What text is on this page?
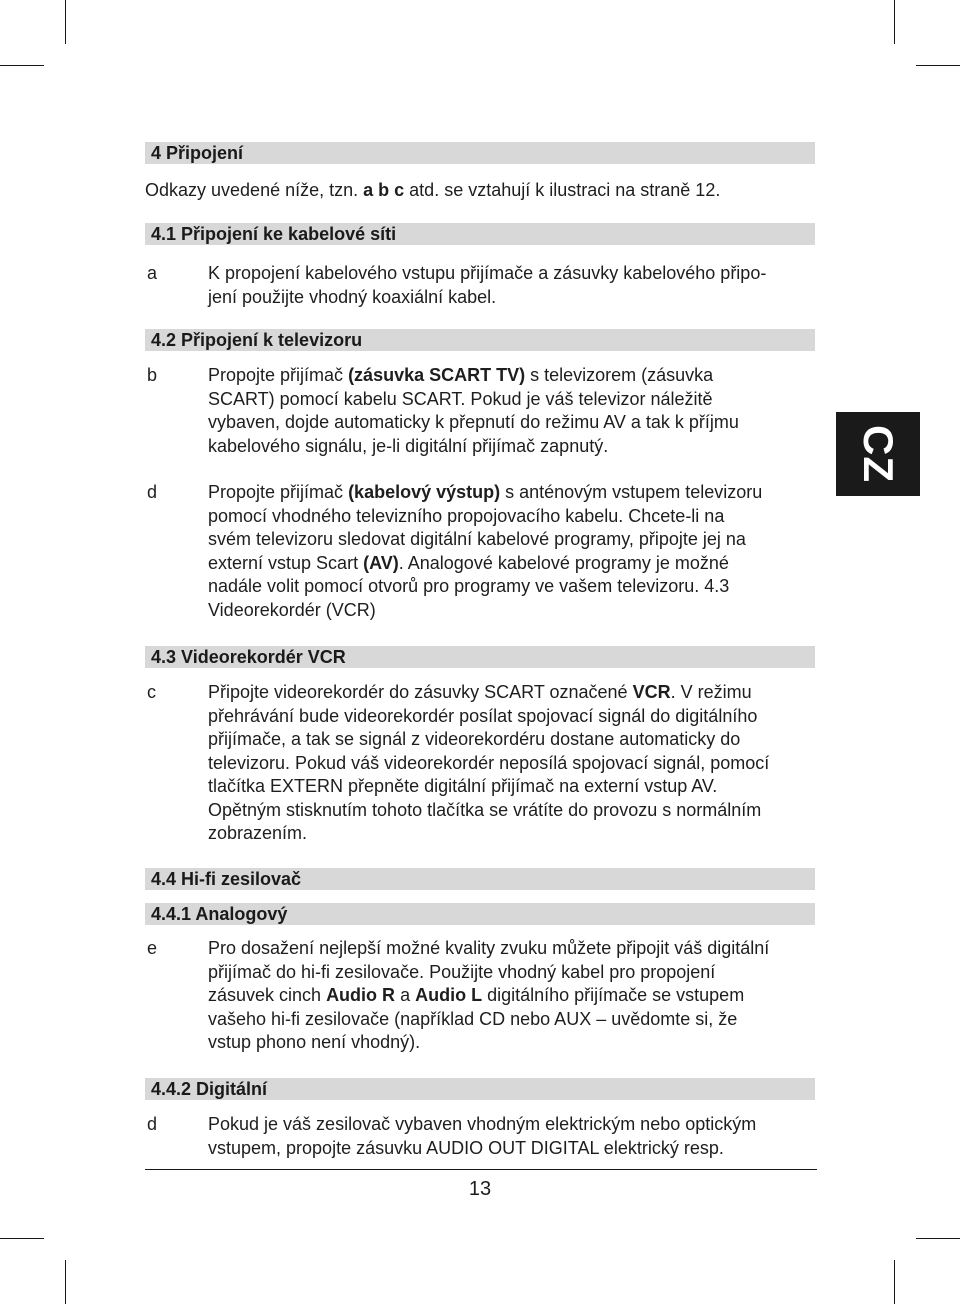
4 Připojení
Odkazy uvedené níže, tzn. a b c atd. se vztahují k ilustraci na straně 12.
4.1 Připojení ke kabelové síti
a	K propojení kabelového vstupu přijímače a zásuvky kabelového připo-
jení použijte vhodný koaxiální kabel.
4.2 Připojení k televizoru
b	Propojte přijímač (zásuvka SCART TV) s televizorem (zásuvka
SCART) pomocí kabelu SCART. Pokud je váš televizor náležitě
vybaven, dojde automaticky k přepnutí do režimu AV a tak k příjmu
kabelového signálu, je-li digitální přijímač zapnutý.
d	Propojte přijímač (kabelový výstup) s anténovým vstupem televizoru
pomocí vhodného televizního propojovacího kabelu. Chcete-li na
svém televizoru sledovat digitální kabelové programy, připojte jej na
externí vstup Scart (AV). Analogové kabelové programy je možné
nadále volit pomocí otvorů pro programy ve vašem televizoru. 4.3
Videorekordér (VCR)
4.3 Videorekordér VCR
c	Připojte videorekordér do zásuvky SCART označené VCR. V režimu
přehrávání bude videorekordér posílat spojovací signál do digitálního
přijímače, a tak se signál z videorekordéru dostane automaticky do
televizoru. Pokud váš videorekordér neposílá spojovací signál, pomocí
tlačítka EXTERN přepněte digitální přijímač na externí vstup AV.
Opětným stisknutím tohoto tlačítka se vrátíte do provozu s normálním
zobrazením.
4.4 Hi-fi zesilovač
4.4.1 Analogový
e	Pro dosažení nejlepší možné kvality zvuku můžete připojit váš digitální
přijímač do hi-fi zesilovače. Použijte vhodný kabel pro propojení
zásuvek cinch Audio R a Audio L digitálního přijímače se vstupem
vašeho hi-fi zesilovače (například CD nebo AUX – uvědomte si, že
vstup phono není vhodný).
4.4.2 Digitální
d	Pokud je váš zesilovač vybaven vhodným elektrickým nebo optickým
vstupem, propojte zásuvku AUDIO OUT DIGITAL elektrický resp.
13
CZ
